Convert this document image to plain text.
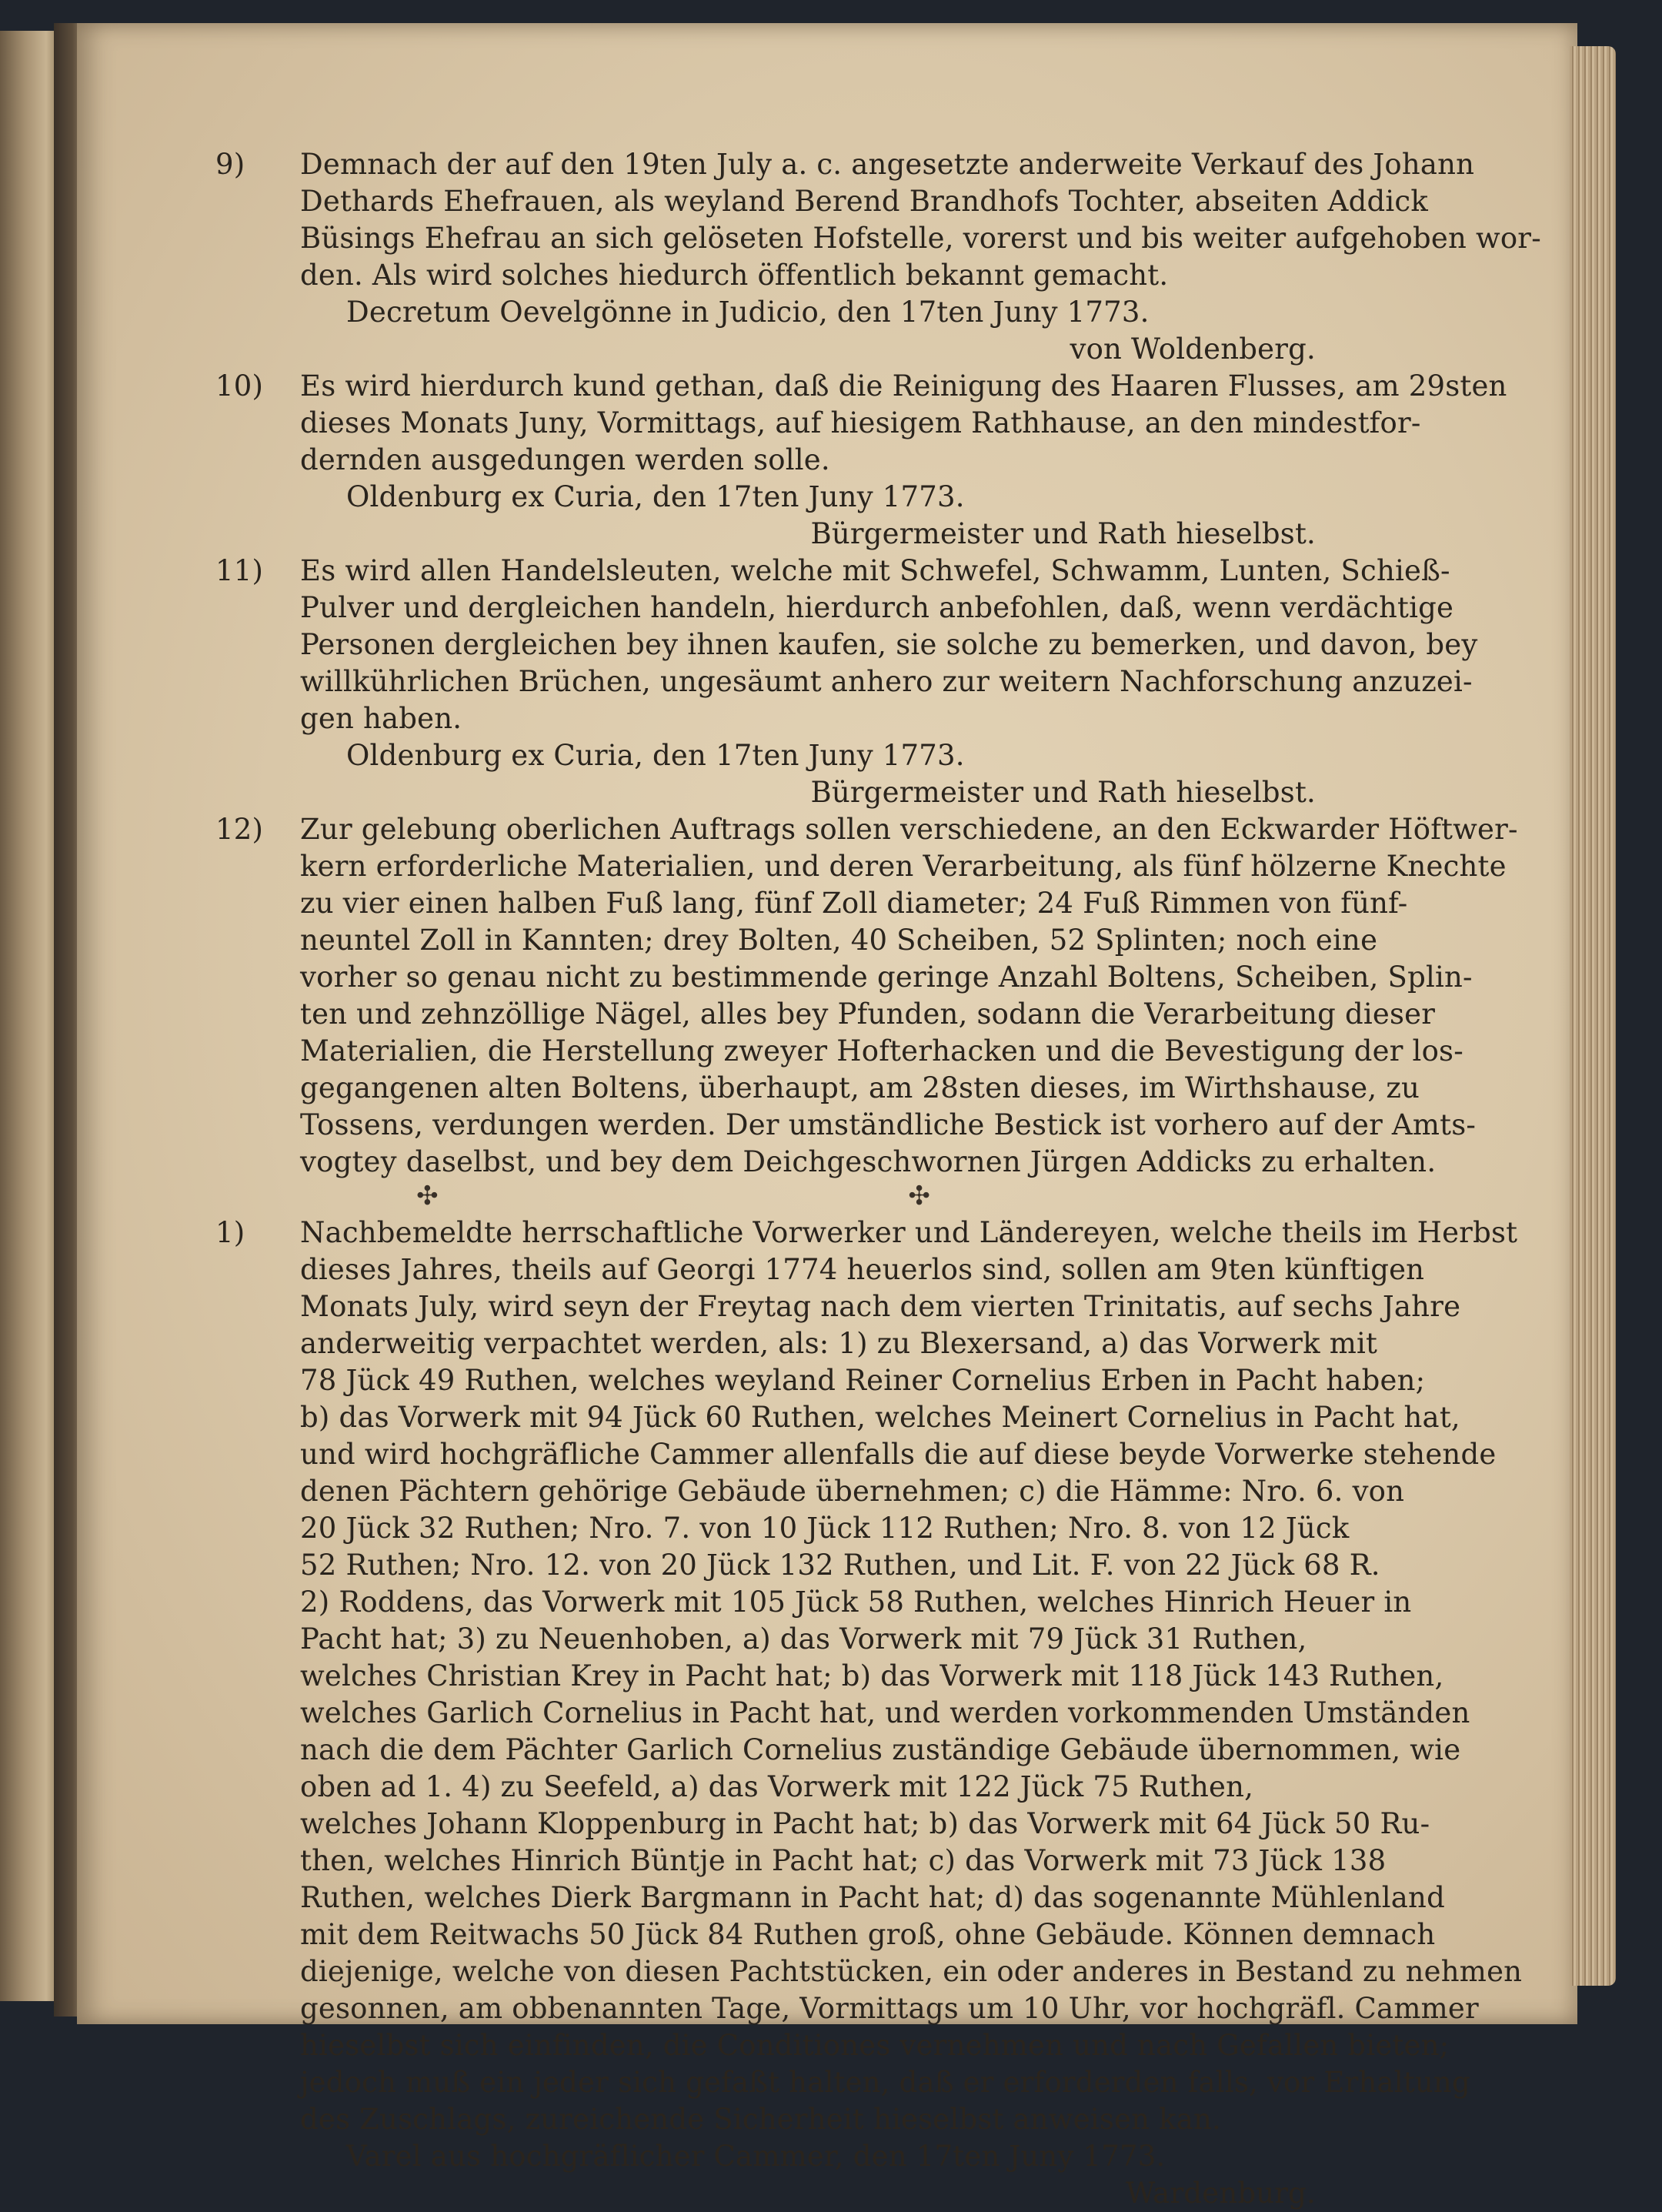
9)	Demnach der auf den 19ten July a. c. angesetzte anderweite Verkauf des Johann
Dethards Ehefrauen, als weyland Berend Brandhofs Tochter, abseiten Addick
Büsings Ehefrau an sich gelöseten Hofstelle, vorerst und bis weiter aufgehoben wor-
den. Als wird solches hiedurch öffentlich bekannt gemacht.
Decretum Oevelgönne in Judicio, den 17ten Juny 1773.
von Woldenberg.
10)	Es wird hierdurch kund gethan, daß die Reinigung des Haaren Flusses, am 29sten
dieses Monats Juny, Vormittags, auf hiesigem Rathhause, an den mindestfor-
dernden ausgedungen werden solle.
Oldenburg ex Curia, den 17ten Juny 1773.
Bürgermeister und Rath hieselbst.
11)	Es wird allen Handelsleuten, welche mit Schwefel, Schwamm, Lunten, Schieß-
Pulver und dergleichen handeln, hierdurch anbefohlen, daß, wenn verdächtige
Personen dergleichen bey ihnen kaufen, sie solche zu bemerken, und davon, bey
willkührlichen Brüchen, ungesäumt anhero zur weitern Nachforschung anzuzei-
gen haben.
Oldenburg ex Curia, den 17ten Juny 1773.
Bürgermeister und Rath hieselbst.
12)	Zur gelebung oberlichen Auftrags sollen verschiedene, an den Eckwarder Höftwer-
kern erforderliche Materialien, und deren Verarbeitung, als fünf hölzerne Knechte
zu vier einen halben Fuß lang, fünf Zoll diameter; 24 Fuß Rimmen von fünf-
neuntel Zoll in Kannten; drey Bolten, 40 Scheiben, 52 Splinten; noch eine
vorher so genau nicht zu bestimmende geringe Anzahl Boltens, Scheiben, Splin-
ten und zehnzöllige Nägel, alles bey Pfunden, sodann die Verarbeitung dieser
Materialien, die Herstellung zweyer Hofterhacken und die Bevestigung der los-
gegangenen alten Boltens, überhaupt, am 28sten dieses, im Wirthshause, zu
Tossens, verdungen werden. Der umständliche Bestick ist vorhero auf der Amts-
vogtey daselbst, und bey dem Deichgeschwornen Jürgen Addicks zu erhalten.
✣ ✣
1)	Nachbemeldte herrschaftliche Vorwerker und Ländereyen, welche theils im Herbst
dieses Jahres, theils auf Georgi 1774 heuerlos sind, sollen am 9ten künftigen
Monats July, wird seyn der Freytag nach dem vierten Trinitatis, auf sechs Jahre
anderweitig verpachtet werden, als: 1) zu Blexersand, a) das Vorwerk mit
78 Jück 49 Ruthen, welches weyland Reiner Cornelius Erben in Pacht haben;
b) das Vorwerk mit 94 Jück 60 Ruthen, welches Meinert Cornelius in Pacht hat,
und wird hochgräfliche Cammer allenfalls die auf diese beyde Vorwerke stehende
denen Pächtern gehörige Gebäude übernehmen; c) die Hämme: Nro. 6. von
20 Jück 32 Ruthen; Nro. 7. von 10 Jück 112 Ruthen; Nro. 8. von 12 Jück
52 Ruthen; Nro. 12. von 20 Jück 132 Ruthen, und Lit. F. von 22 Jück 68 R.
2) Roddens, das Vorwerk mit 105 Jück 58 Ruthen, welches Hinrich Heuer in
Pacht hat; 3) zu Neuenhoben, a) das Vorwerk mit 79 Jück 31 Ruthen,
welches Christian Krey in Pacht hat; b) das Vorwerk mit 118 Jück 143 Ruthen,
welches Garlich Cornelius in Pacht hat, und werden vorkommenden Umständen
nach die dem Pächter Garlich Cornelius zuständige Gebäude übernommen, wie
oben ad 1. 4) zu Seefeld, a) das Vorwerk mit 122 Jück 75 Ruthen,
welches Johann Kloppenburg in Pacht hat; b) das Vorwerk mit 64 Jück 50 Ru-
then, welches Hinrich Büntje in Pacht hat; c) das Vorwerk mit 73 Jück 138
Ruthen, welches Dierk Bargmann in Pacht hat; d) das sogenannte Mühlenland
mit dem Reitwachs 50 Jück 84 Ruthen groß, ohne Gebäude. Können demnach
diejenige, welche von diesen Pachtstücken, ein oder anderes in Bestand zu nehmen
gesonnen, am obbenannten Tage, Vormittags um 10 Uhr, vor hochgräfl. Cammer
hieselbst sich einfinden, die Conditiones vernehmen und nach Gefallen bieten;
jedoch muß ein jeder sich gefaßt halten, daß er erforderden falls, vor Erhaltung
des Zuschlags, zureichende Sicherheit hieselbst anweisen kan.
Varel aus hochgräflicher Cammer, den 17ten Juny 1773.
Wardenburg.
